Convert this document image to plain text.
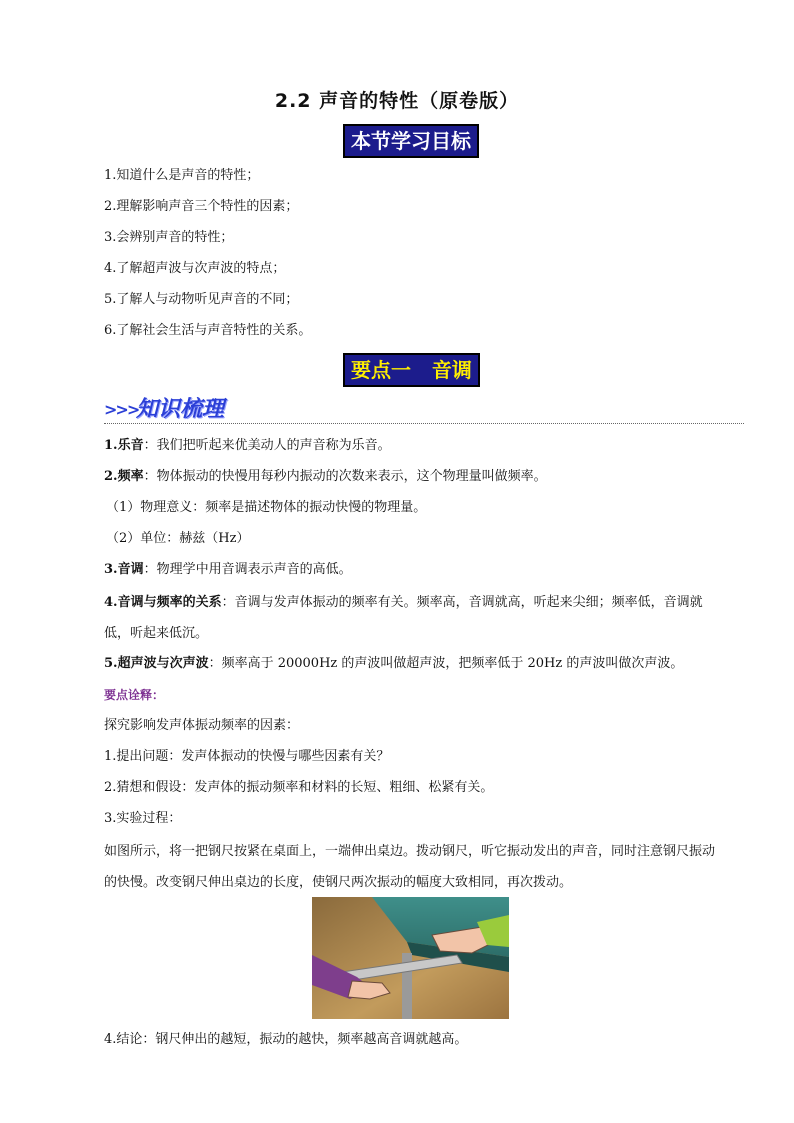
2.2 声音的特性（原卷版）
本节学习目标
1.知道什么是声音的特性；
2.理解影响声音三个特性的因素；
3.会辨别声音的特性；
4.了解超声波与次声波的特点；
5.了解人与动物听见声音的不同；
6.了解社会生活与声音特性的关系。
要点一   音调
>>>
知识梳理
1.乐音：我们把听起来优美动人的声音称为乐音。
2.频率：物体振动的快慢用每秒内振动的次数来表示，这个物理量叫做频率。
（1）物理意义：频率是描述物体的振动快慢的物理量。
（2）单位：赫兹（Hz）
3.音调：物理学中用音调表示声音的高低。
4.音调与频率的关系：音调与发声体振动的频率有关。频率高，音调就高，听起来尖细；频率低，音调就低，听起来低沉。
5.超声波与次声波：频率高于 20000Hz 的声波叫做超声波，把频率低于 20Hz 的声波叫做次声波。
要点诠释：
探究影响发声体振动频率的因素：
1.提出问题：发声体振动的快慢与哪些因素有关？
2.猜想和假设：发声体的振动频率和材料的长短、粗细、松紧有关。
3.实验过程：
如图所示，将一把钢尺按紧在桌面上，一端伸出桌边。拨动钢尺，听它振动发出的声音，同时注意钢尺振动的快慢。改变钢尺伸出桌边的长度，使钢尺两次振动的幅度大致相同，再次拨动。
4.结论：钢尺伸出的越短，振动的越快，频率越高音调就越高。
